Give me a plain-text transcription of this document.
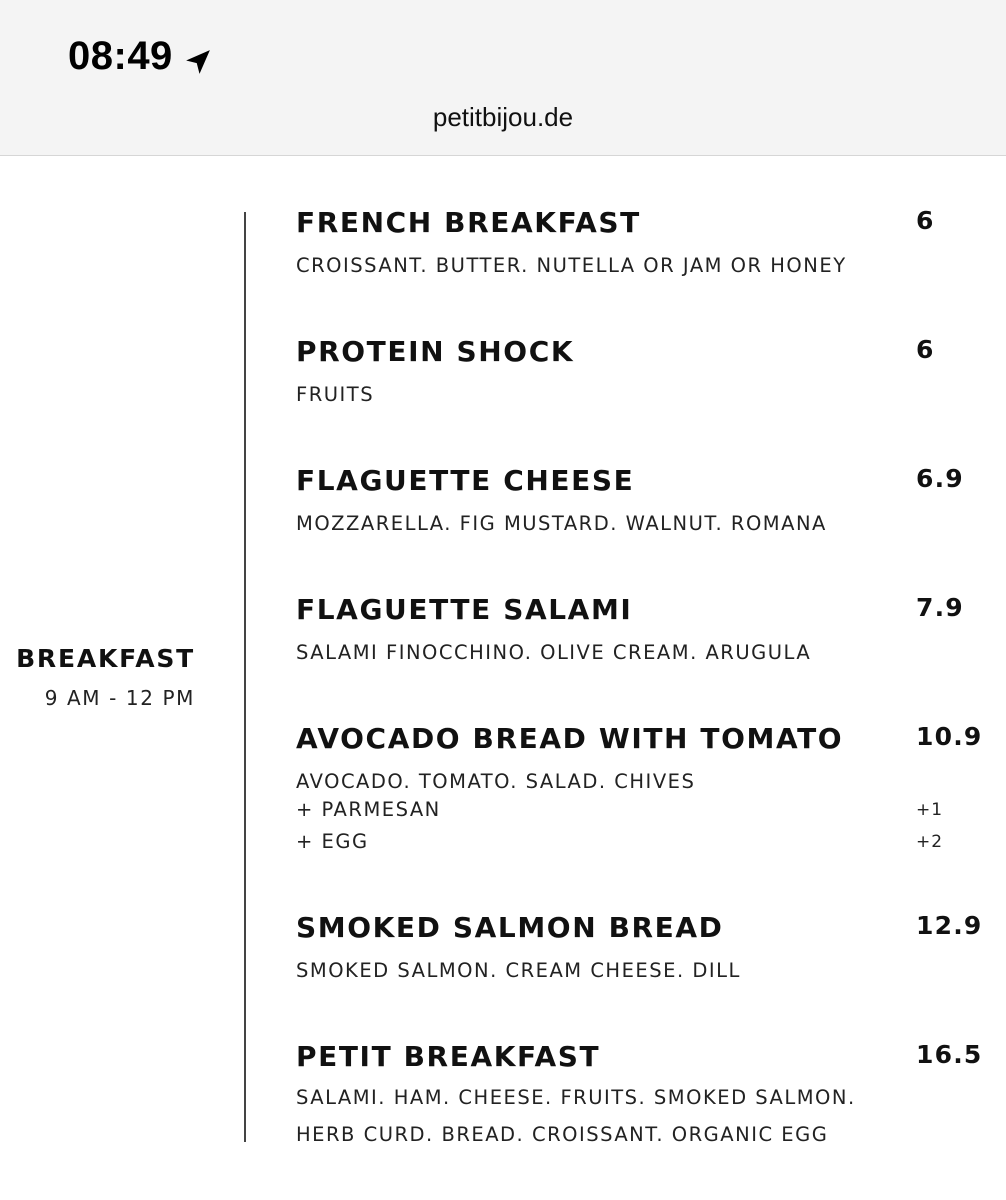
08:49
petitbijou.de
BREAKFAST
9 AM - 12 PM
FRENCH BREAKFAST	6
CROISSANT. BUTTER. NUTELLA OR JAM OR HONEY
PROTEIN SHOCK	6
FRUITS
FLAGUETTE CHEESE	6.9
MOZZARELLA. FIG MUSTARD. WALNUT. ROMANA
FLAGUETTE SALAMI	7.9
SALAMI FINOCCHINO. OLIVE CREAM. ARUGULA
AVOCADO BREAD WITH TOMATO	10.9
AVOCADO. TOMATO. SALAD. CHIVES
+ PARMESAN	+1
+ EGG	+2
SMOKED SALMON BREAD	12.9
SMOKED SALMON. CREAM CHEESE. DILL
PETIT BREAKFAST	16.5
SALAMI. HAM. CHEESE. FRUITS. SMOKED SALMON.
HERB CURD. BREAD. CROISSANT. ORGANIC EGG
